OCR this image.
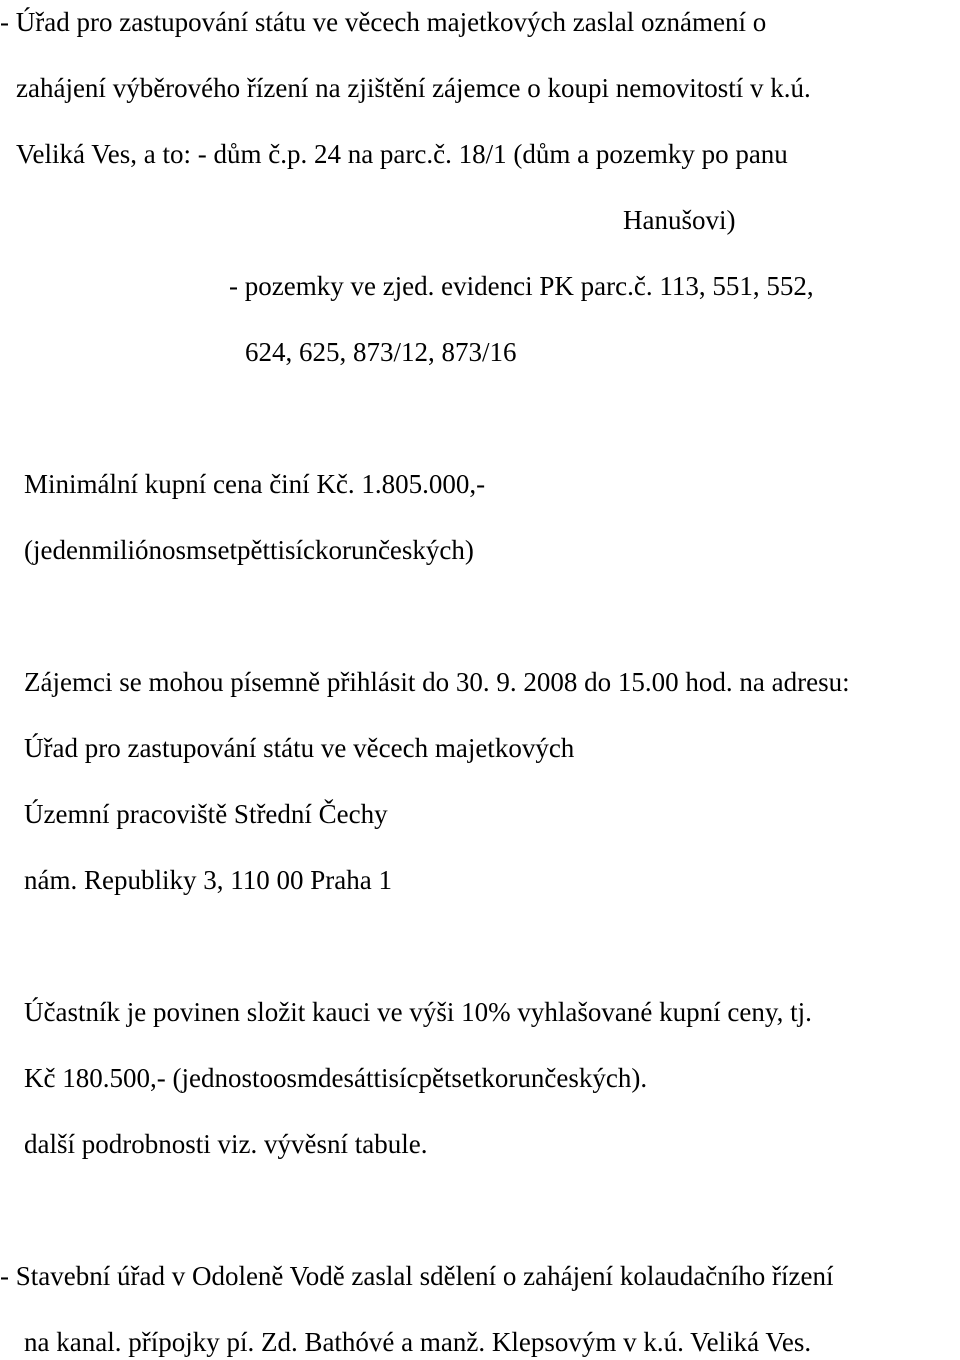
- Úřad pro zastupování státu ve věcech majetkových zaslal oznámení o

zahájení výběrového řízení na zjištění zájemce o koupi nemovitostí v k.ú.

Veliká Ves, a to: - dům č.p. 24 na parc.č. 18/1 (dům a pozemky po panu

Hanušovi)

- pozemky ve zjed. evidenci PK parc.č. 113, 551, 552,

624, 625, 873/12, 873/16

Minimální kupní cena činí Kč. 1.805.000,-

(jedenmiliónosmsetpěttisíckorunčeských)

Zájemci se mohou písemně přihlásit do 30. 9. 2008 do 15.00 hod. na adresu:

Úřad pro zastupování státu ve věcech majetkových

Územní pracoviště Střední Čechy

nám. Republiky 3, 110 00 Praha 1

Účastník je povinen složit kauci ve výši 10% vyhlašované kupní ceny, tj.

Kč 180.500,- (jednostoosmdesáttisícpětsetkorunčeských).

další podrobnosti viz. vývěsní tabule.

- Stavební úřad v Odoleně Vodě zaslal sdělení o zahájení kolaudačního řízení

na kanal. přípojky pí. Zd. Bathóvé a manž. Klepsovým v k.ú. Veliká Ves.
